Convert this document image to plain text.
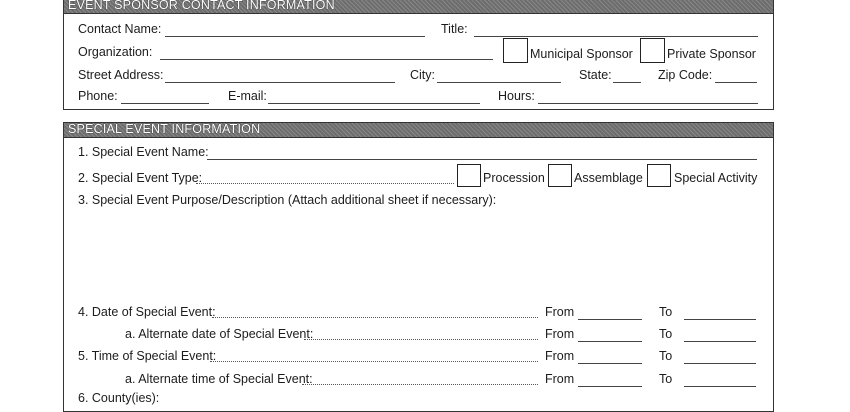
EVENT SPONSOR CONTACT INFORMATION
Contact Name:	Title:
Organization:	Municipal Sponsor	Private Sponsor
Street Address:	City:	State:	Zip Code:
Phone:	E-mail:	Hours:
SPECIAL EVENT INFORMATION
1. Special Event Name:
2. Special Event Type:	Procession Assemblage Special Activity
3. Special Event Purpose/Description (Attach additional sheet if necessary):
4. Date of Special Event:	From	To
a. Alternate date of Special Event:	From	To
5. Time of Special Event:	From	To
a. Alternate time of Special Event:	From	To
6. County(ies):
